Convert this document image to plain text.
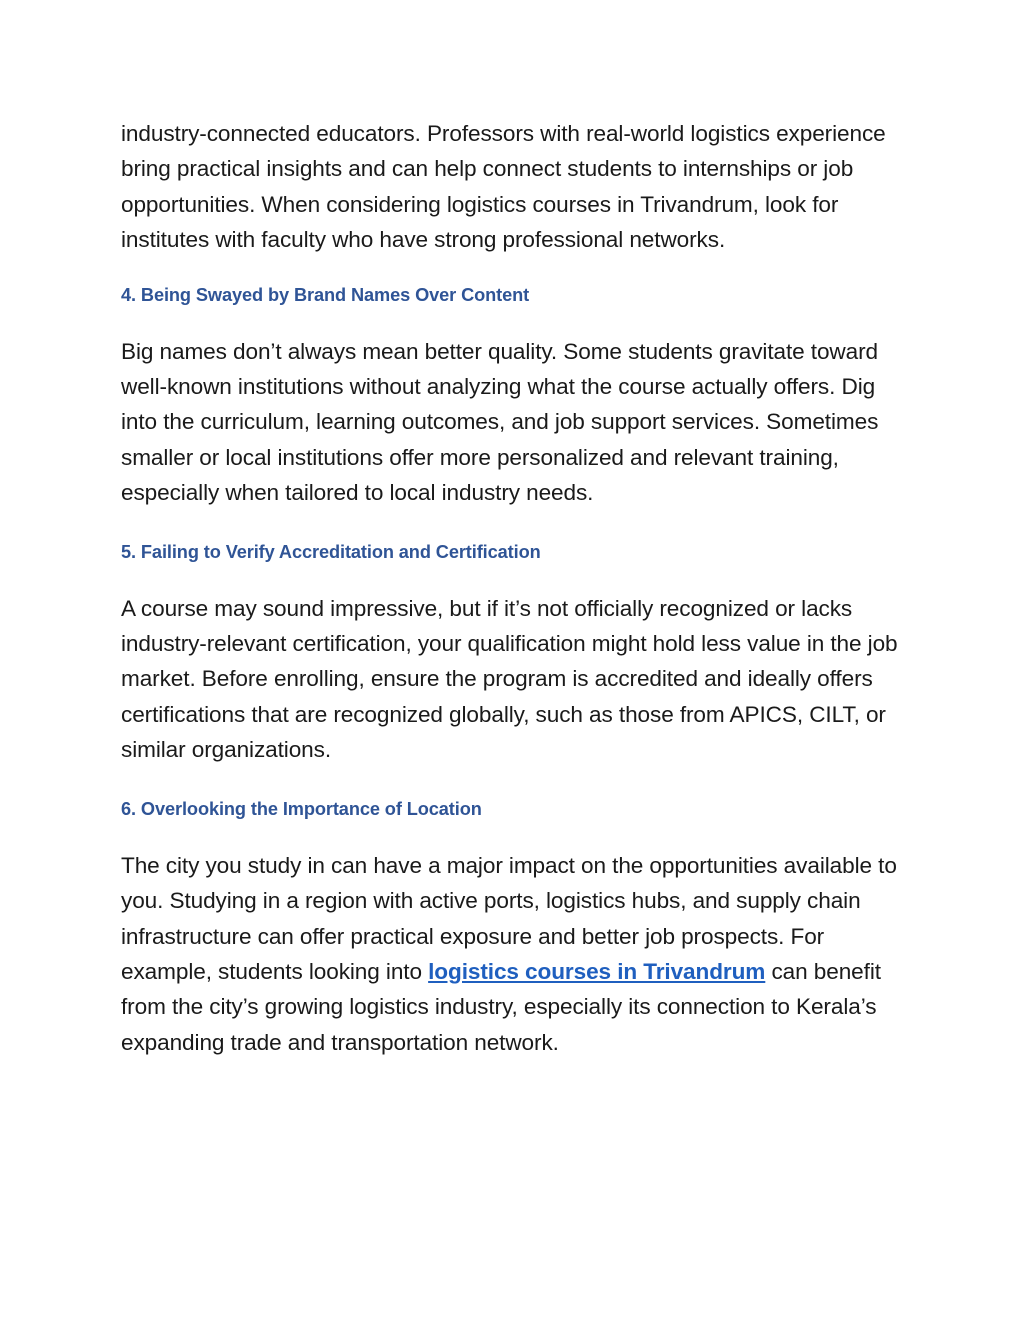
industry-connected educators. Professors with real-world logistics experience bring practical insights and can help connect students to internships or job opportunities. When considering logistics courses in Trivandrum, look for institutes with faculty who have strong professional networks.

4. Being Swayed by Brand Names Over Content

Big names don’t always mean better quality. Some students gravitate toward well-known institutions without analyzing what the course actually offers. Dig into the curriculum, learning outcomes, and job support services. Sometimes smaller or local institutions offer more personalized and relevant training, especially when tailored to local industry needs.

5. Failing to Verify Accreditation and Certification

A course may sound impressive, but if it’s not officially recognized or lacks industry-relevant certification, your qualification might hold less value in the job market. Before enrolling, ensure the program is accredited and ideally offers certifications that are recognized globally, such as those from APICS, CILT, or similar organizations.

6. Overlooking the Importance of Location

The city you study in can have a major impact on the opportunities available to you. Studying in a region with active ports, logistics hubs, and supply chain infrastructure can offer practical exposure and better job prospects. For example, students looking into logistics courses in Trivandrum can benefit from the city’s growing logistics industry, especially its connection to Kerala’s expanding trade and transportation network.
